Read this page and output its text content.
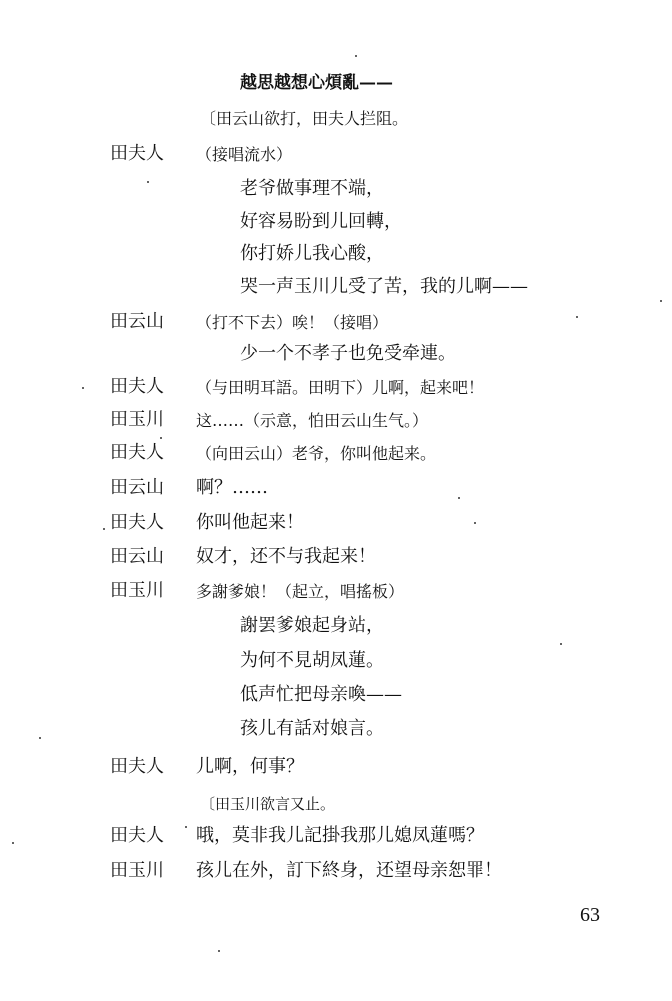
越思越想心煩亂——
〔田云山欲打，田夫人拦阻。
田夫人 （接唱流水）
老爷做事理不端，
好容易盼到儿回轉，
你打娇儿我心酸，
哭一声玉川儿受了苦，我的儿啊——
田云山 （打不下去）唉！（接唱）
少一个不孝子也免受牵連。
田夫人 （与田明耳語。田明下）儿啊，起来吧！
田玉川 这……（示意，怕田云山生气。）
田夫人 （向田云山）老爷，你叫他起来。
田云山 啊？……
田夫人 你叫他起来！
田云山 奴才，还不与我起来！
田玉川 多謝爹娘！（起立，唱搖板）
謝罢爹娘起身站，
为何不見胡凤蓮。
低声忙把母亲喚——
孩儿有話对娘言。
田夫人 儿啊，何事？
〔田玉川欲言又止。
田夫人 哦，莫非我儿記掛我那儿媳凤蓮嗎？
田玉川 孩儿在外，訂下終身，还望母亲恕罪！
63
